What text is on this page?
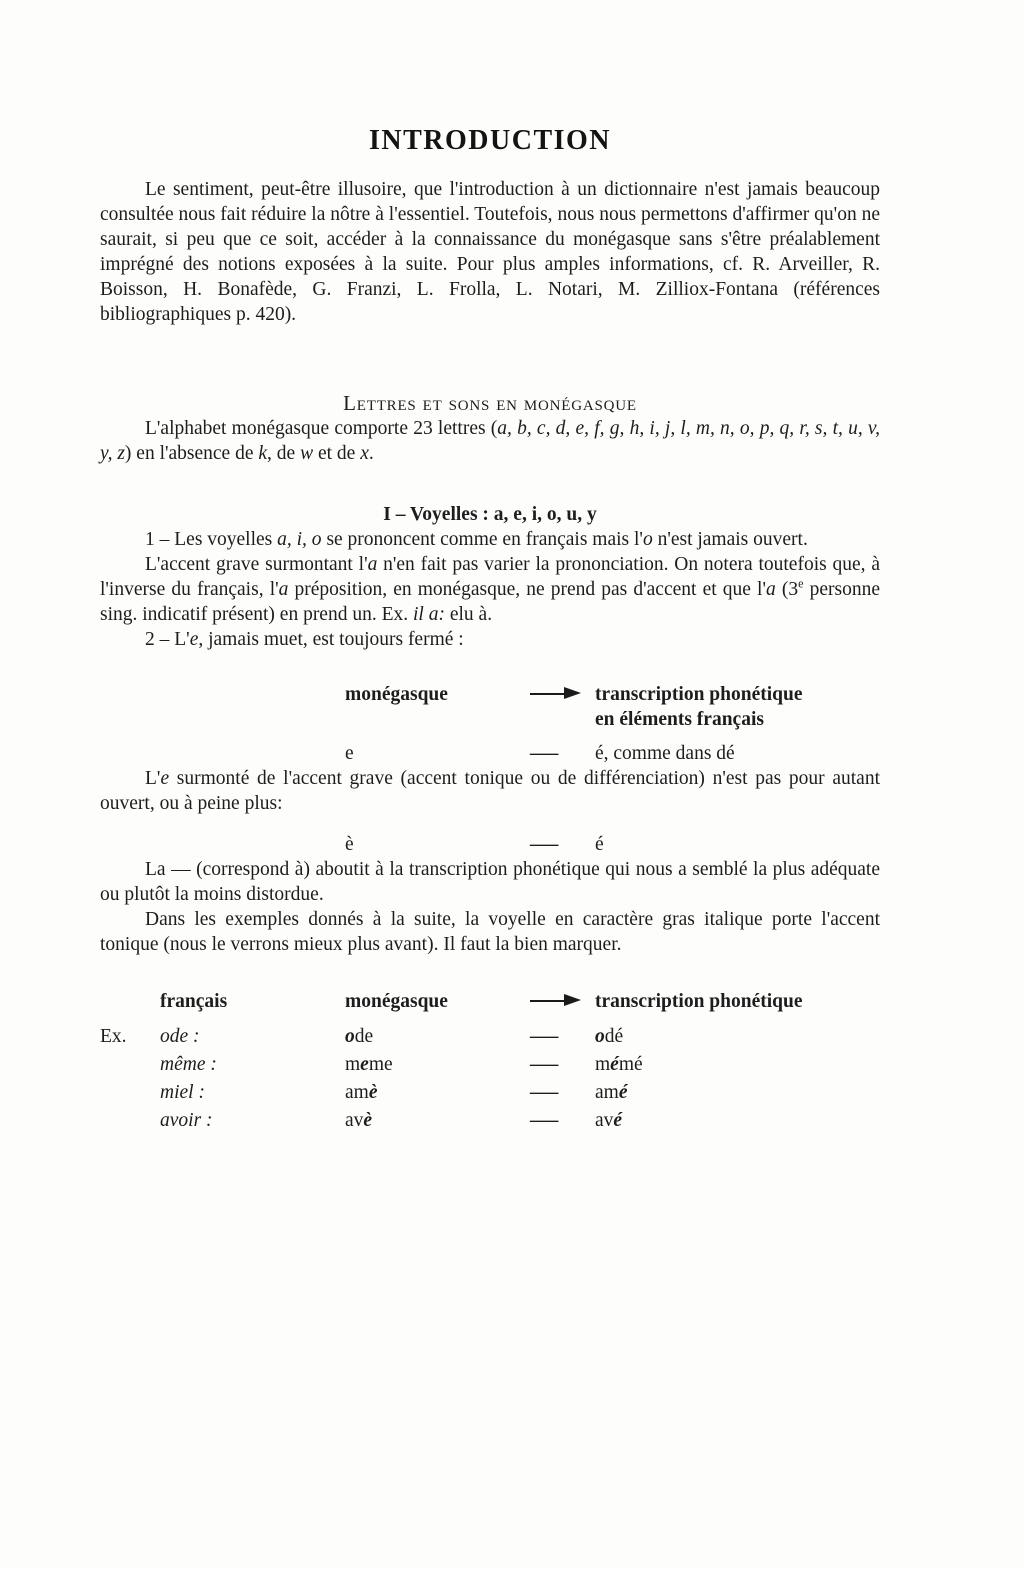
INTRODUCTION

Le sentiment, peut-être illusoire, que l'introduction à un dictionnaire n'est jamais beaucoup consultée nous fait réduire la nôtre à l'essentiel. Toutefois, nous nous permettons d'affirmer qu'on ne saurait, si peu que ce soit, accéder à la connaissance du monégasque sans s'être préalablement imprégné des notions exposées à la suite. Pour plus amples informations, cf. R. Arveiller, R. Boisson, H. Bonafède, G. Franzi, L. Frolla, L. Notari, M. Zilliox-Fontana (références bibliographiques p. 420).

Lettres et sons en monégasque

L'alphabet monégasque comporte 23 lettres (a, b, c, d, e, f, g, h, i, j, l, m, n, o, p, q, r, s, t, u, v, y, z) en l'absence de k, de w et de x.

I – Voyelles : a, e, i, o, u, y

1 – Les voyelles a, i, o se prononcent comme en français mais l'o n'est jamais ouvert.

L'accent grave surmontant l'a n'en fait pas varier la prononciation. On notera toutefois que, à l'inverse du français, l'a préposition, en monégasque, ne prend pas d'accent et que l'a (3e personne sing. indicatif présent) en prend un. Ex. il a: elu à.

2 – L'e, jamais muet, est toujours fermé :

monégasque	transcription phonétique
en éléments français
e	—	é, comme dans dé

L'e surmonté de l'accent grave (accent tonique ou de différenciation) n'est pas pour autant ouvert, ou à peine plus:

è	—	é

La — (correspond à) aboutit à la transcription phonétique qui nous a semblé la plus adéquate ou plutôt la moins distordue.

Dans les exemples donnés à la suite, la voyelle en caractère gras italique porte l'accent tonique (nous le verrons mieux plus avant). Il faut la bien marquer.

français	monégasque	transcription phonétique
Ex.	ode :	ode	—	odé
même :	meme	—	mémé
miel :	amè	—	amé
avoir :	avè	—	avé
